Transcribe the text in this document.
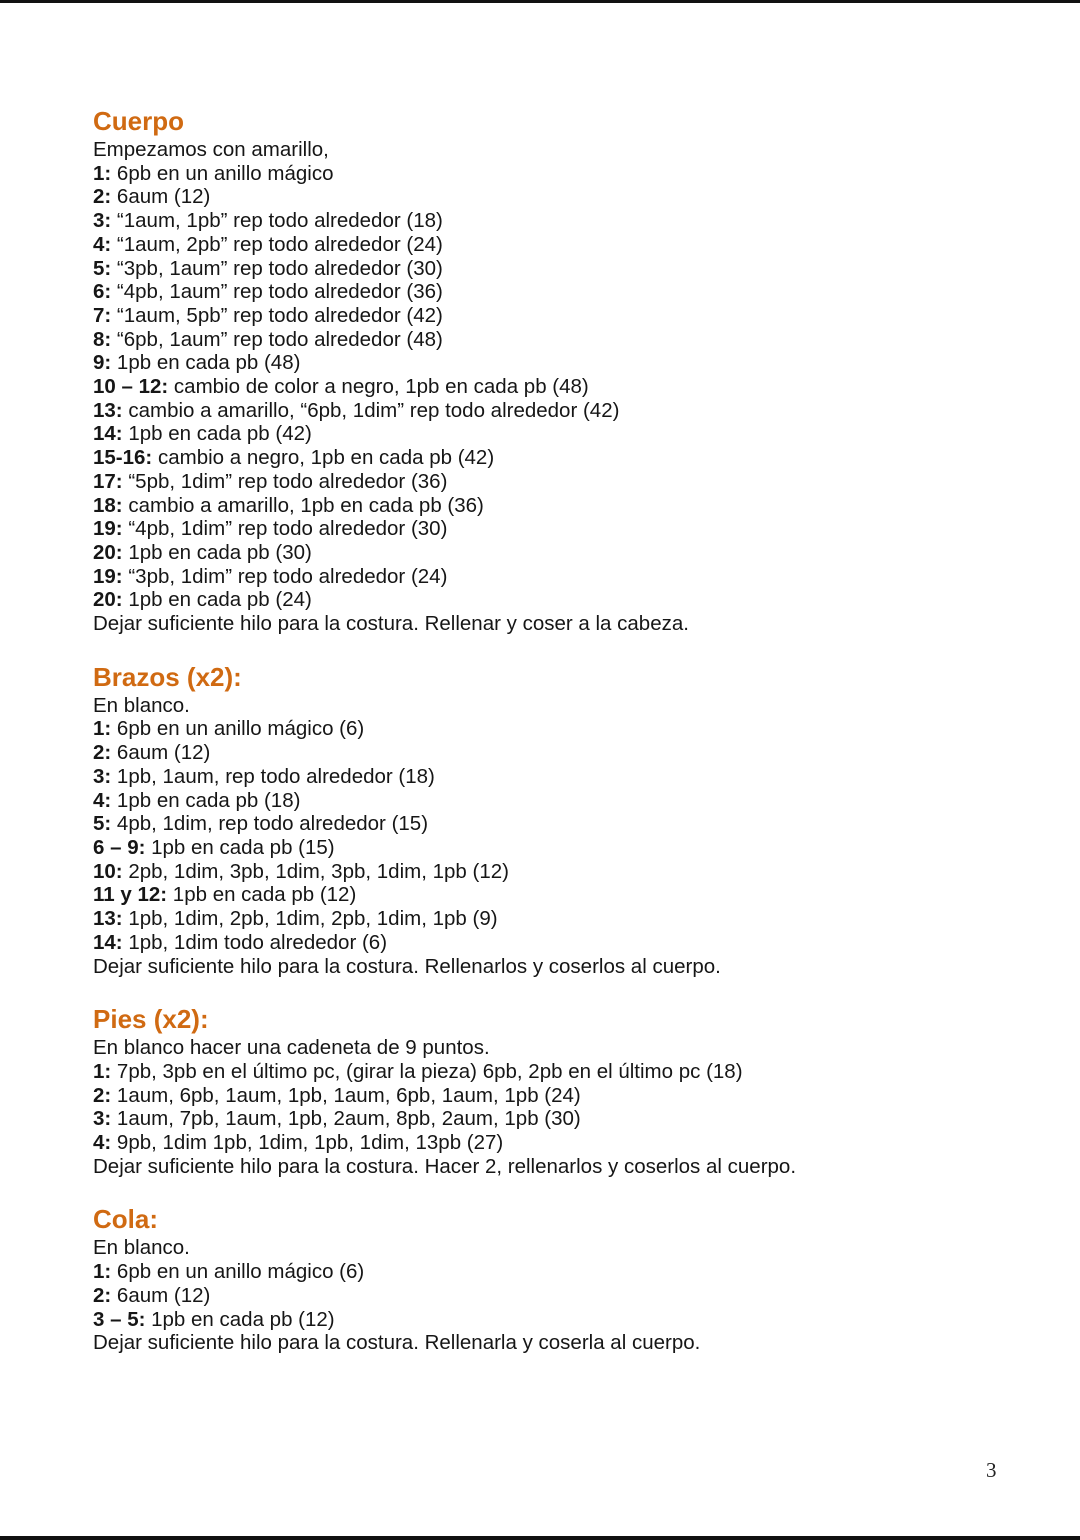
Cuerpo
Empezamos con amarillo,
1: 6pb en un anillo mágico
2: 6aum (12)
3: “1aum, 1pb” rep todo alrededor (18)
4: “1aum, 2pb” rep todo alrededor (24)
5: “3pb, 1aum” rep todo alrededor (30)
6: “4pb, 1aum” rep todo alrededor (36)
7: “1aum, 5pb” rep todo alrededor (42)
8: “6pb, 1aum” rep todo alrededor (48)
9: 1pb en cada pb (48)
10 – 12: cambio de color a negro, 1pb en cada pb (48)
13: cambio a amarillo, “6pb, 1dim” rep todo alrededor (42)
14: 1pb en cada pb (42)
15-16: cambio a negro, 1pb en cada pb (42)
17: “5pb, 1dim” rep todo alrededor (36)
18: cambio a amarillo, 1pb en cada pb (36)
19: “4pb, 1dim” rep todo alrededor (30)
20: 1pb en cada pb (30)
19: “3pb, 1dim” rep todo alrededor (24)
20: 1pb en cada pb (24)
Dejar suficiente hilo para la costura. Rellenar y coser a la cabeza.
Brazos (x2):
En blanco.
1: 6pb en un anillo mágico (6)
2: 6aum (12)
3: 1pb, 1aum, rep todo alrededor (18)
4: 1pb en cada pb (18)
5: 4pb, 1dim, rep todo alrededor (15)
6 – 9: 1pb en cada pb (15)
10: 2pb, 1dim, 3pb, 1dim, 3pb, 1dim, 1pb (12)
11 y 12: 1pb en cada pb (12)
13: 1pb, 1dim, 2pb, 1dim, 2pb, 1dim, 1pb (9)
14: 1pb, 1dim todo alrededor (6)
Dejar suficiente hilo para la costura. Rellenarlos y coserlos al cuerpo.
Pies (x2):
En blanco hacer una cadeneta de 9 puntos.
1: 7pb, 3pb en el último pc, (girar la pieza) 6pb, 2pb en el último pc (18)
2: 1aum, 6pb, 1aum, 1pb, 1aum, 6pb, 1aum, 1pb (24)
3: 1aum, 7pb, 1aum, 1pb, 2aum, 8pb, 2aum, 1pb (30)
4: 9pb, 1dim 1pb, 1dim, 1pb, 1dim, 13pb (27)
Dejar suficiente hilo para la costura. Hacer 2, rellenarlos y coserlos al cuerpo.
Cola:
En blanco.
1: 6pb en un anillo mágico (6)
2: 6aum (12)
3 – 5: 1pb en cada pb (12)
Dejar suficiente hilo para la costura. Rellenarla y coserla al cuerpo.
3
